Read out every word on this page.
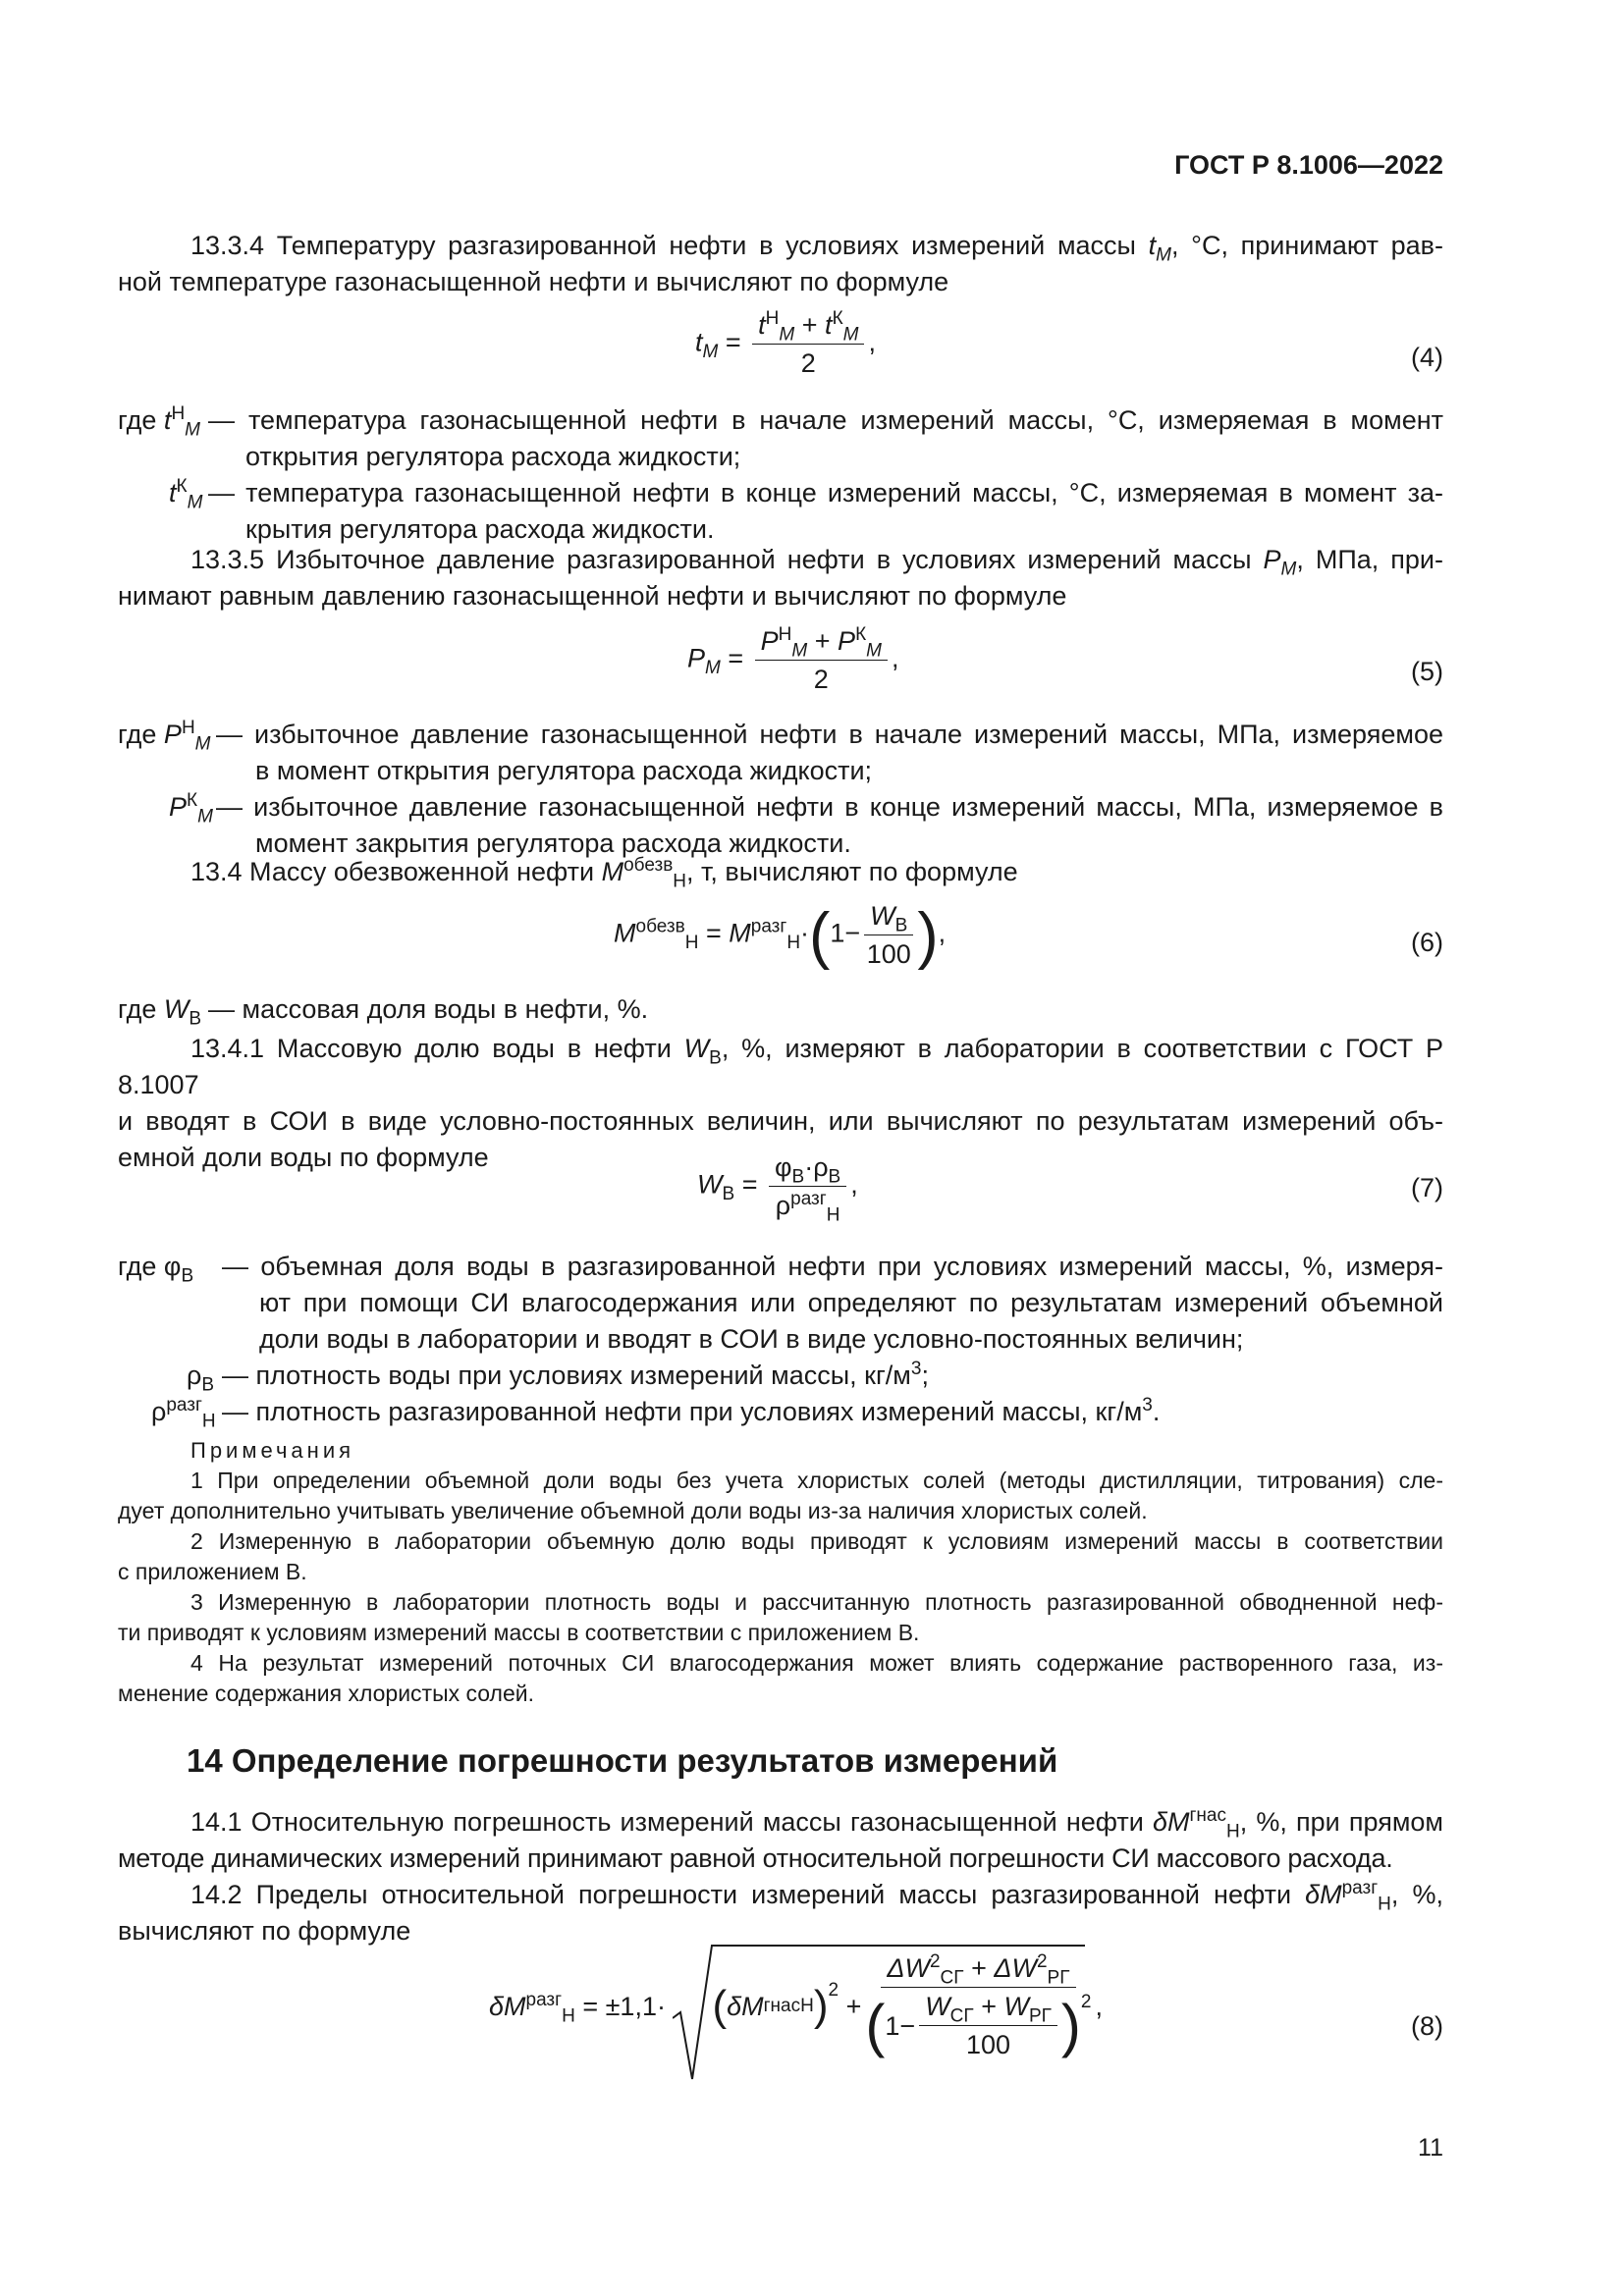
ГОСТ Р 8.1006—2022
13.3.4 Температуру разгазированной нефти в условиях измерений массы $t_M$, °С, принимают рав-
ной температуре газонасыщенной нефти и вычисляют по формуле
$t_M = \frac{t^Н_M + t^К_M}{2}$ ,
(4)
где $t^Н_M$ — температура газонасыщенной нефти в начале измерений массы, °С, измеряемая в момент
открытия регулятора расхода жидкости;
$t^К_M$ — температура газонасыщенной нефти в конце измерений массы, °С, измеряемая в момент за-
крытия регулятора расхода жидкости.
13.3.5 Избыточное давление разгазированной нефти в условиях измерений массы $P_M$, МПа, при-
нимают равным давлению газонасыщенной нефти и вычисляют по формуле
$P_M = \frac{P^Н_M + P^К_M}{2}$ ,	(5)
где $P^Н_M$ — избыточное давление газонасыщенной нефти в начале измерений массы, МПа, измеряемое
в момент открытия регулятора расхода жидкости;
$P^К_M$ — избыточное давление газонасыщенной нефти в конце измерений массы, МПа, измеряемое в
момент закрытия регулятора расхода жидкости.
13.4 Массу обезвоженной нефти $M^{обезв}_Н$, т, вычисляют по формуле
$M^{обезв}_Н = M^{разг}_Н\cdot(1- \frac{W_В}{100}$ ),	(6)
где $W_В$ — массовая доля воды в нефти, %.
13.4.1 Массовую долю воды в нефти $W_В$, %, измеряют в лаборатории в соответствии с ГОСТ Р 8.1007
и вводят в СОИ в виде условно-постоянных величин, или вычисляют по результатам измерений объ-
емной доли воды по формуле
$W_В = \frac{\varphi_В\cdot\rho_В}{\rho^{разг}_Н}$ ,	(7)
где $\varphi_В$ — объемная доля воды в разгазированной нефти при условиях измерений массы, %, измеря-
ют при помощи СИ влагосодержания или определяют по результатам измерений объемной
доли воды в лаборатории и вводят в СОИ в виде условно-постоянных величин;
$\rho_В$ — плотность воды при условиях измерений массы, $кг/м^3$;
$\rho^{разг}_Н$ — плотность разгазированной нефти при условиях измерений массы, $кг/м^3$.
Примечания
1 При определении объемной доли воды без учета хлористых солей (методы дистилляции, титрования) сле-
дует дополнительно учитывать увеличение объемной доли воды из-за наличия хлористых солей.
2 Измеренную в лаборатории объемную долю воды приводят к условиям измерений массы в соответствии
с приложением В.
3 Измеренную в лаборатории плотность воды и рассчитанную плотность разгазированной обводненной неф-
ти приводят к условиям измерений массы в соответствии с приложением В.
4 На результат измерений поточных СИ влагосодержания может влиять содержание растворенного газа, из-
менение содержания хлористых солей.
14 Определение погрешности результатов измерений
14.1 Относительную погрешность измерений массы газонасыщенной нефти $\delta M^{гнас}_Н$, %, при прямом
методе динамических измерений принимают равной относительной погрешности СИ массового расхода.
14.2 Пределы относительной погрешности измерений массы разгазированной нефти $\delta M^{разг}_Н$, %,
вычисляют по формуле
$\delta M^{разг}_Н = \pm 1,1\cdot$ ( δM гнас Н )$^2$

+ $\frac{\Delta W^2_{СГ} + \Delta W^2_{РГ}}{( 1 - \frac{W_{СГ} + W_{РГ}}{100} )^2}$ ,
(8)
11
